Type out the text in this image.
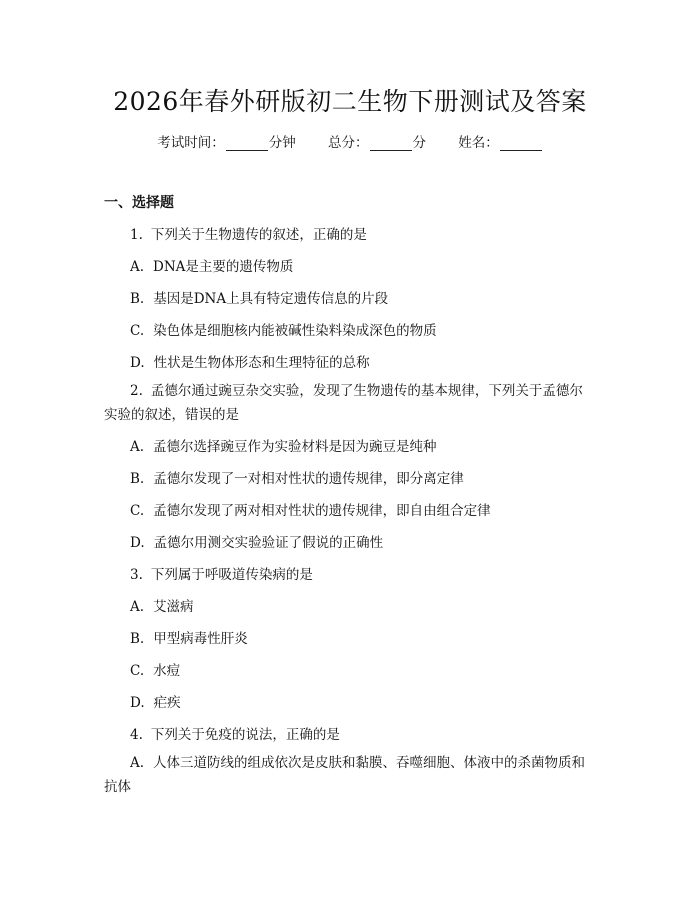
2026年春外研版初二生物下册测试及答案
考试时间：	分钟 总分：	分 姓名：
一、选择题
1. 下列关于生物遗传的叙述，正确的是
A. DNA是主要的遗传物质
B. 基因是DNA上具有特定遗传信息的片段
C. 染色体是细胞核内能被碱性染料染成深色的物质
D. 性状是生物体形态和生理特征的总称
2. 孟德尔通过豌豆杂交实验，发现了生物遗传的基本规律，下列关于孟德尔实验的叙述，错误的是
A. 孟德尔选择豌豆作为实验材料是因为豌豆是纯种
B. 孟德尔发现了一对相对性状的遗传规律，即分离定律
C. 孟德尔发现了两对相对性状的遗传规律，即自由组合定律
D. 孟德尔用测交实验验证了假说的正确性
3. 下列属于呼吸道传染病的是
A. 艾滋病
B. 甲型病毒性肝炎
C. 水痘
D. 疟疾
4. 下列关于免疫的说法，正确的是
A. 人体三道防线的组成依次是皮肤和黏膜、吞噬细胞、体液中的杀菌物质和抗体
